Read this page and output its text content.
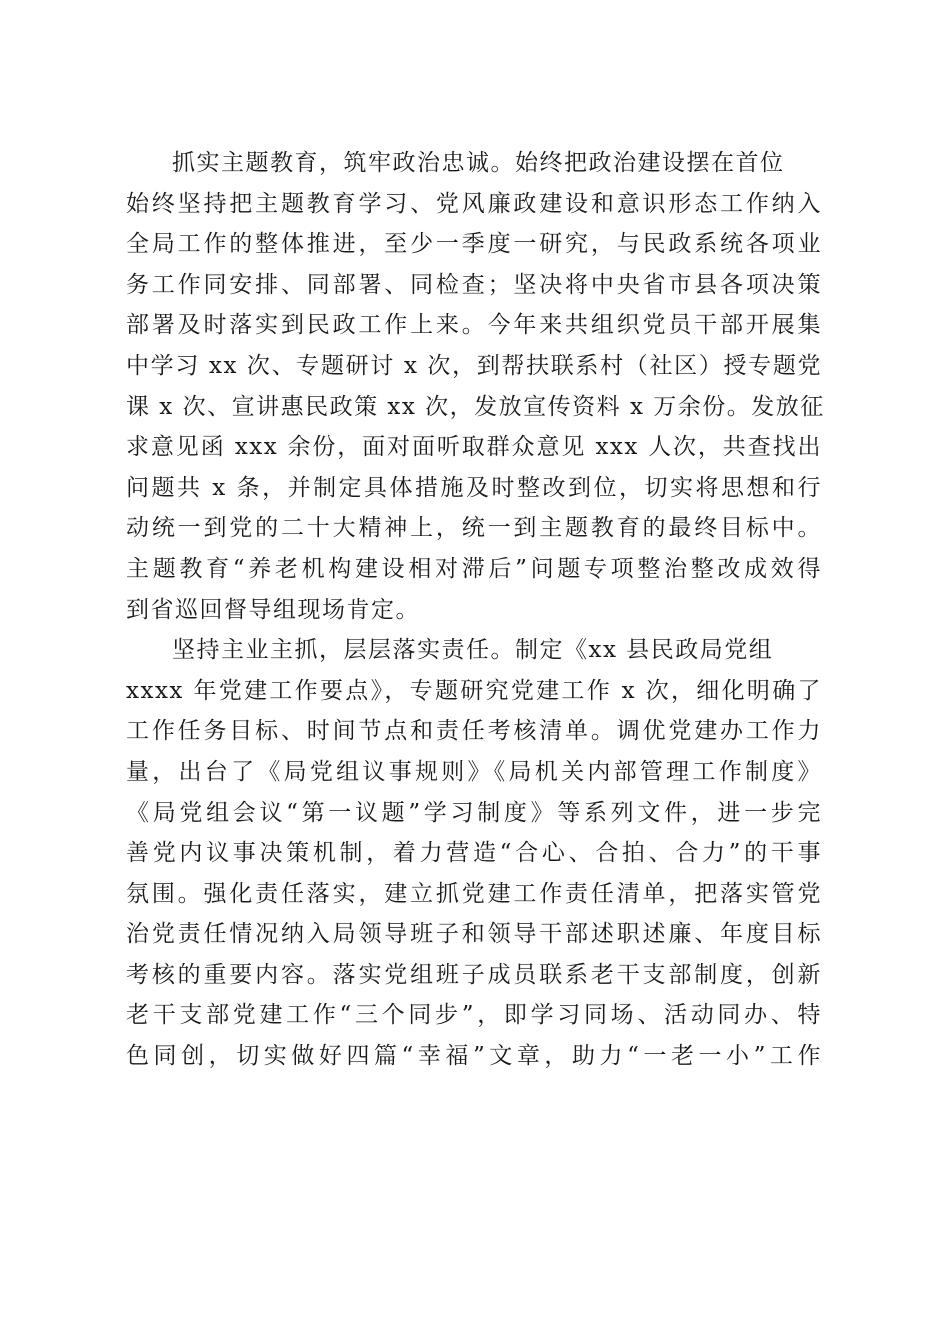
抓实主题教育，筑牢政治忠诚。始终把政治建设摆在首位
始终坚持把主题教育学习、党风廉政建设和意识形态工作纳入
全局工作的整体推进，至少一季度一研究，与民政系统各项业
务工作同安排、同部署、同检查；坚决将中央省市县各项决策
部署及时落实到民政工作上来。今年来共组织党员干部开展集
中学习 xx 次、专题研讨 x 次，到帮扶联系村（社区）授专题党
课 x 次、宣讲惠民政策 xx 次，发放宣传资料 x 万余份。发放征
求意见函 xxx 余份，面对面听取群众意见 xxx 人次，共查找出
问题共 x 条，并制定具体措施及时整改到位，切实将思想和行
动统一到党的二十大精神上，统一到主题教育的最终目标中。
主题教育“养老机构建设相对滞后”问题专项整治整改成效得
到省巡回督导组现场肯定。

坚持主业主抓，层层落实责任。制定《xx 县民政局党组
xxxx 年党建工作要点》，专题研究党建工作 x 次，细化明确了
工作任务目标、时间节点和责任考核清单。调优党建办工作力
量，出台了《局党组议事规则》《局机关内部管理工作制度》
《局党组会议“第一议题”学习制度》等系列文件，进一步完
善党内议事决策机制，着力营造“合心、合拍、合力”的干事
氛围。强化责任落实，建立抓党建工作责任清单，把落实管党
治党责任情况纳入局领导班子和领导干部述职述廉、年度目标
考核的重要内容。落实党组班子成员联系老干支部制度，创新
老干支部党建工作“三个同步”，即学习同场、活动同办、特
色同创，切实做好四篇“幸福”文章，助力“一老一小”工作
